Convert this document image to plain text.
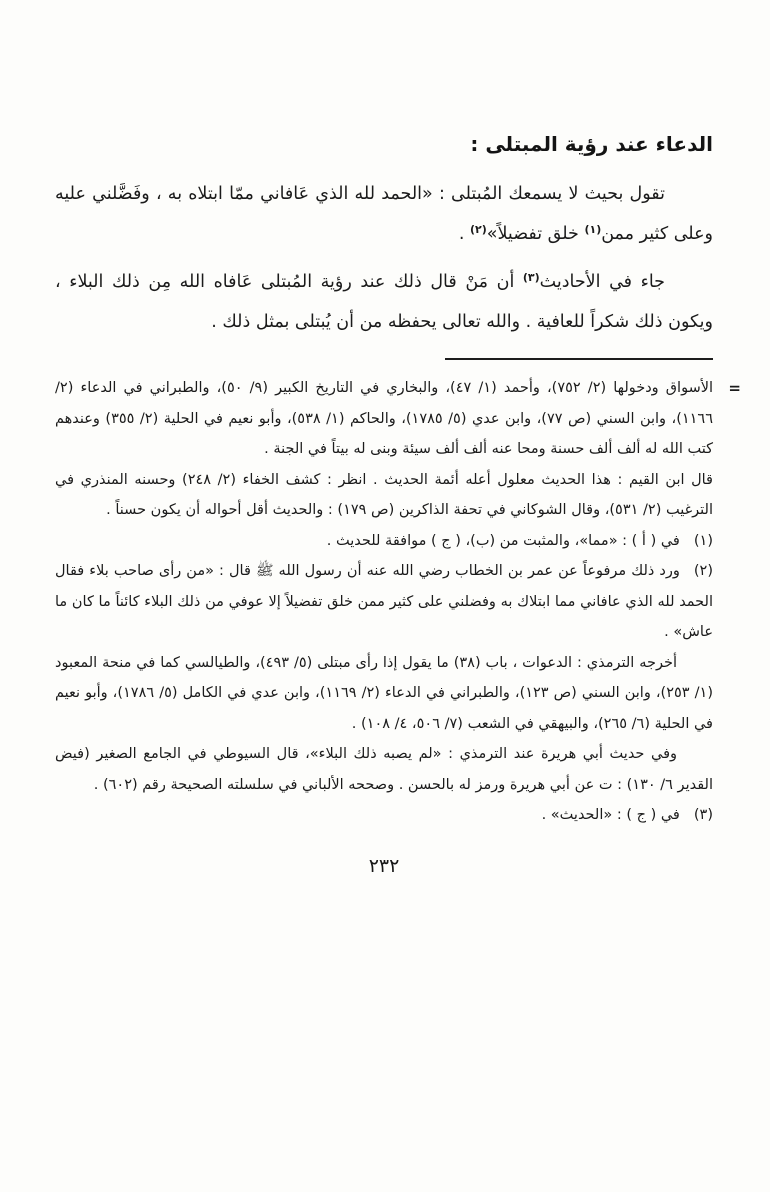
الدعاء عند رؤية المبتلى :

تقول بحيث لا يسمعك المُبتلى : «الحمد لله الذي عَافاني ممّا ابتلاه به ، وفَضَّلني عليه وعلى كثير ممن$^{(١)}$ خلق تفضيلاً»$^{(٢)}$ .

جاء في الأحاديث$^{(٣)}$ أن مَنْ قال ذلك عند رؤية المُبتلى عَافاه الله مِن ذلك البلاء ، ويكون ذلك شكراً للعافية . والله تعالى يحفظه من أن يُبتلى بمثل ذلك .

=

الأسواق ودخولها (٢/ ٧٥٢)، وأحمد (١/ ٤٧)، والبخاري في التاريخ الكبير (٩/ ٥٠)، والطبراني في الدعاء (٢/ ١١٦٦)، وابن السني (ص ٧٧)، وابن عدي (٥/ ١٧٨٥)، والحاكم (١/ ٥٣٨)، وأبو نعيم في الحلية (٢/ ٣٥٥) وعندهم كتب الله له ألف ألف حسنة ومحا عنه ألف ألف سيئة وبنى له بيتاً في الجنة .

قال ابن القيم : هذا الحديث معلول أعله أئمة الحديث . انظر : كشف الخفاء (٢/ ٢٤٨) وحسنه المنذري في الترغيب (٢/ ٥٣١)، وقال الشوكاني في تحفة الذاكرين (ص ١٧٩) : والحديث أقل أحواله أن يكون حسناً .

(١)في ( أ ) : «مما»، والمثبت من (ب)، ( ج ) موافقة للحديث .

(٢)ورد ذلك مرفوعاً عن عمر بن الخطاب رضي الله عنه أن رسول الله ﷺ قال : «من رأى صاحب بلاء فقال الحمد لله الذي عافاني مما ابتلاك به وفضلني على كثير ممن خلق تفضيلاً إلا عوفي من ذلك البلاء كائناً ما كان ما عاش» .

أخرجه الترمذي : الدعوات ، باب (٣٨) ما يقول إذا رأى مبتلى (٥/ ٤٩٣)، والطيالسي كما في منحة المعبود (١/ ٢٥٣)، وابن السني (ص ١٢٣)، والطبراني في الدعاء (٢/ ١١٦٩)، وابن عدي في الكامل (٥/ ١٧٨٦)، وأبو نعيم في الحلية (٦/ ٢٦٥)، والبيهقي في الشعب (٧/ ٥٠٦، ٤/ ١٠٨) .

وفي حديث أبي هريرة عند الترمذي : «لم يصبه ذلك البلاء»، قال السيوطي في الجامع الصغير (فيض القدير ٦/ ١٣٠) : ت عن أبي هريرة ورمز له بالحسن . وصححه الألباني في سلسلته الصحيحة رقم (٦٠٢) .

(٣)في ( ج ) : «الحديث» .

٢٣٢
